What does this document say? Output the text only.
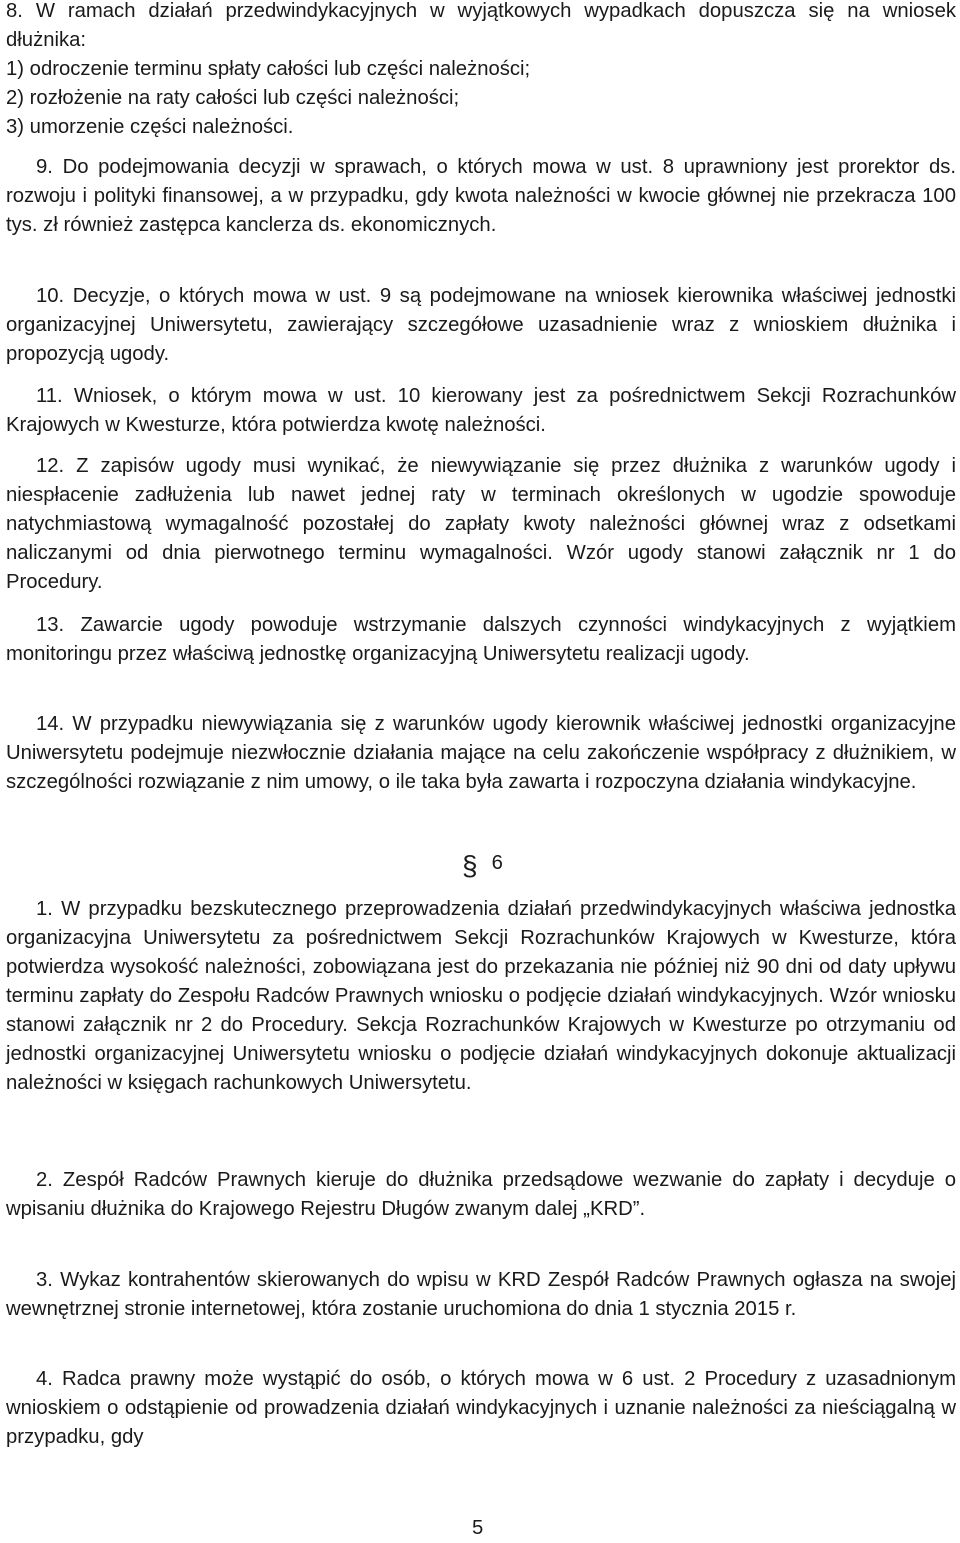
8. W ramach działań przedwindykacyjnych w wyjątkowych wypadkach dopuszcza się na wniosek dłużnika:

1) odroczenie terminu spłaty całości lub części należności;

2) rozłożenie na raty całości lub części należności;

3) umorzenie części należności.

9. Do podejmowania decyzji w sprawach, o których mowa w ust. 8 uprawniony jest prorektor ds. rozwoju i polityki finansowej, a w przypadku, gdy kwota należności w kwocie głównej nie przekracza 100 tys. zł również zastępca kanclerza ds. ekonomicznych.

10. Decyzje, o których mowa w ust. 9 są podejmowane na wniosek kierownika właściwej jednostki organizacyjnej Uniwersytetu, zawierający szczegółowe uzasadnienie wraz z wnioskiem dłużnika i propozycją ugody.

11. Wniosek, o którym mowa w ust. 10 kierowany jest za pośrednictwem Sekcji Rozrachunków Krajowych w Kwesturze, która potwierdza kwotę należności.

12. Z zapisów ugody musi wynikać, że niewywiązanie się przez dłużnika z warunków ugody i niespłacenie zadłużenia lub nawet jednej raty w terminach określonych w ugodzie spowoduje natychmiastową wymagalność pozostałej do zapłaty kwoty należności głównej wraz z odsetkami naliczanymi od dnia pierwotnego terminu wymagalności. Wzór ugody stanowi załącznik nr 1 do Procedury.

13. Zawarcie ugody powoduje wstrzymanie dalszych czynności windykacyjnych z wyjątkiem monitoringu przez właściwą jednostkę organizacyjną Uniwersytetu realizacji ugody.

14. W przypadku niewywiązania się z warunków ugody kierownik właściwej jednostki organizacyjne Uniwersytetu podejmuje niezwłocznie działania mające na celu zakończenie współpracy z dłużnikiem, w szczególności rozwiązanie z nim umowy, o ile taka była zawarta i rozpoczyna działania windykacyjne.

§ $^6$

1. W przypadku bezskutecznego przeprowadzenia działań przedwindykacyjnych właściwa jednostka organizacyjna Uniwersytetu za pośrednictwem Sekcji Rozrachunków Krajowych w Kwesturze, która potwierdza wysokość należności, zobowiązana jest do przekazania nie później niż 90 dni od daty upływu terminu zapłaty do Zespołu Radców Prawnych wniosku o podjęcie działań windykacyjnych. Wzór wniosku stanowi załącznik nr 2 do Procedury. Sekcja Rozrachunków Krajowych w Kwesturze po otrzymaniu od jednostki organizacyjnej Uniwersytetu wniosku o podjęcie działań windykacyjnych dokonuje aktualizacji należności w księgach rachunkowych Uniwersytetu.

2. Zespół Radców Prawnych kieruje do dłużnika przedsądowe wezwanie do zapłaty i decyduje o wpisaniu dłużnika do Krajowego Rejestru Długów zwanym dalej „KRD”.

3. Wykaz kontrahentów skierowanych do wpisu w KRD Zespół Radców Prawnych ogłasza na swojej wewnętrznej stronie internetowej, która zostanie uruchomiona do dnia 1 stycznia 2015 r.

4. Radca prawny może wystąpić do osób, o których mowa w 6 ust. 2 Procedury z uzasadnionym wnioskiem o odstąpienie od prowadzenia działań windykacyjnych i uznanie należności za nieściągalną w przypadku, gdy

5
